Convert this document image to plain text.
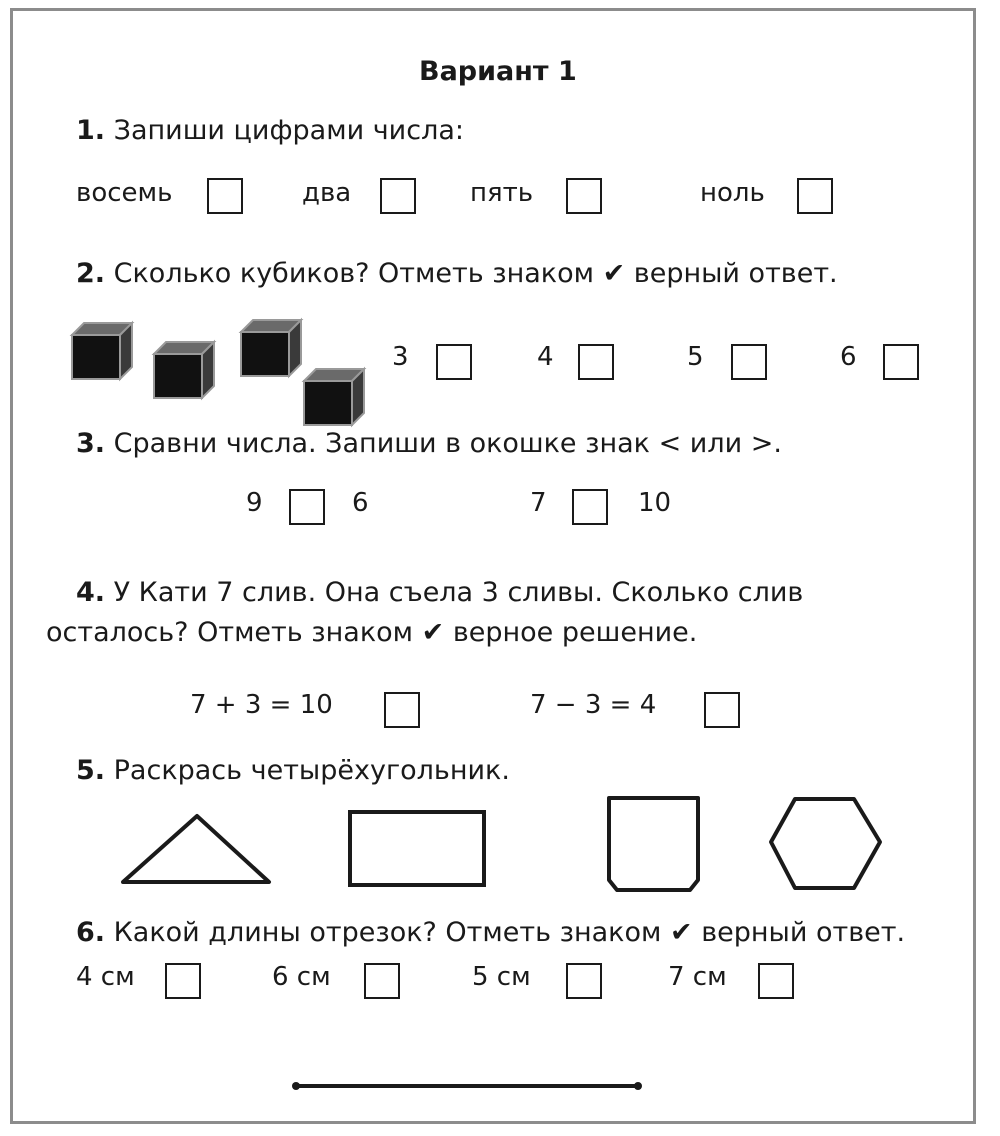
Вариант 1
1. Запиши цифрами числа:
восемь	два	пять	ноль
2. Сколько кубиков? Отметь знаком ✔ верный ответ.
3	4	5	6
3. Сравни числа. Запиши в окошке знак < или >.
9	6	7	10
4. У Кати 7 слив. Она съела 3 сливы. Сколько слив
осталось? Отметь знаком ✔ верное решение.
7 + 3 = 10	7 − 3 = 4
5. Раскрась четырёхугольник.
6. Какой длины отрезок? Отметь знаком ✔ верный ответ.
4 см	6 см	5 см	7 см
